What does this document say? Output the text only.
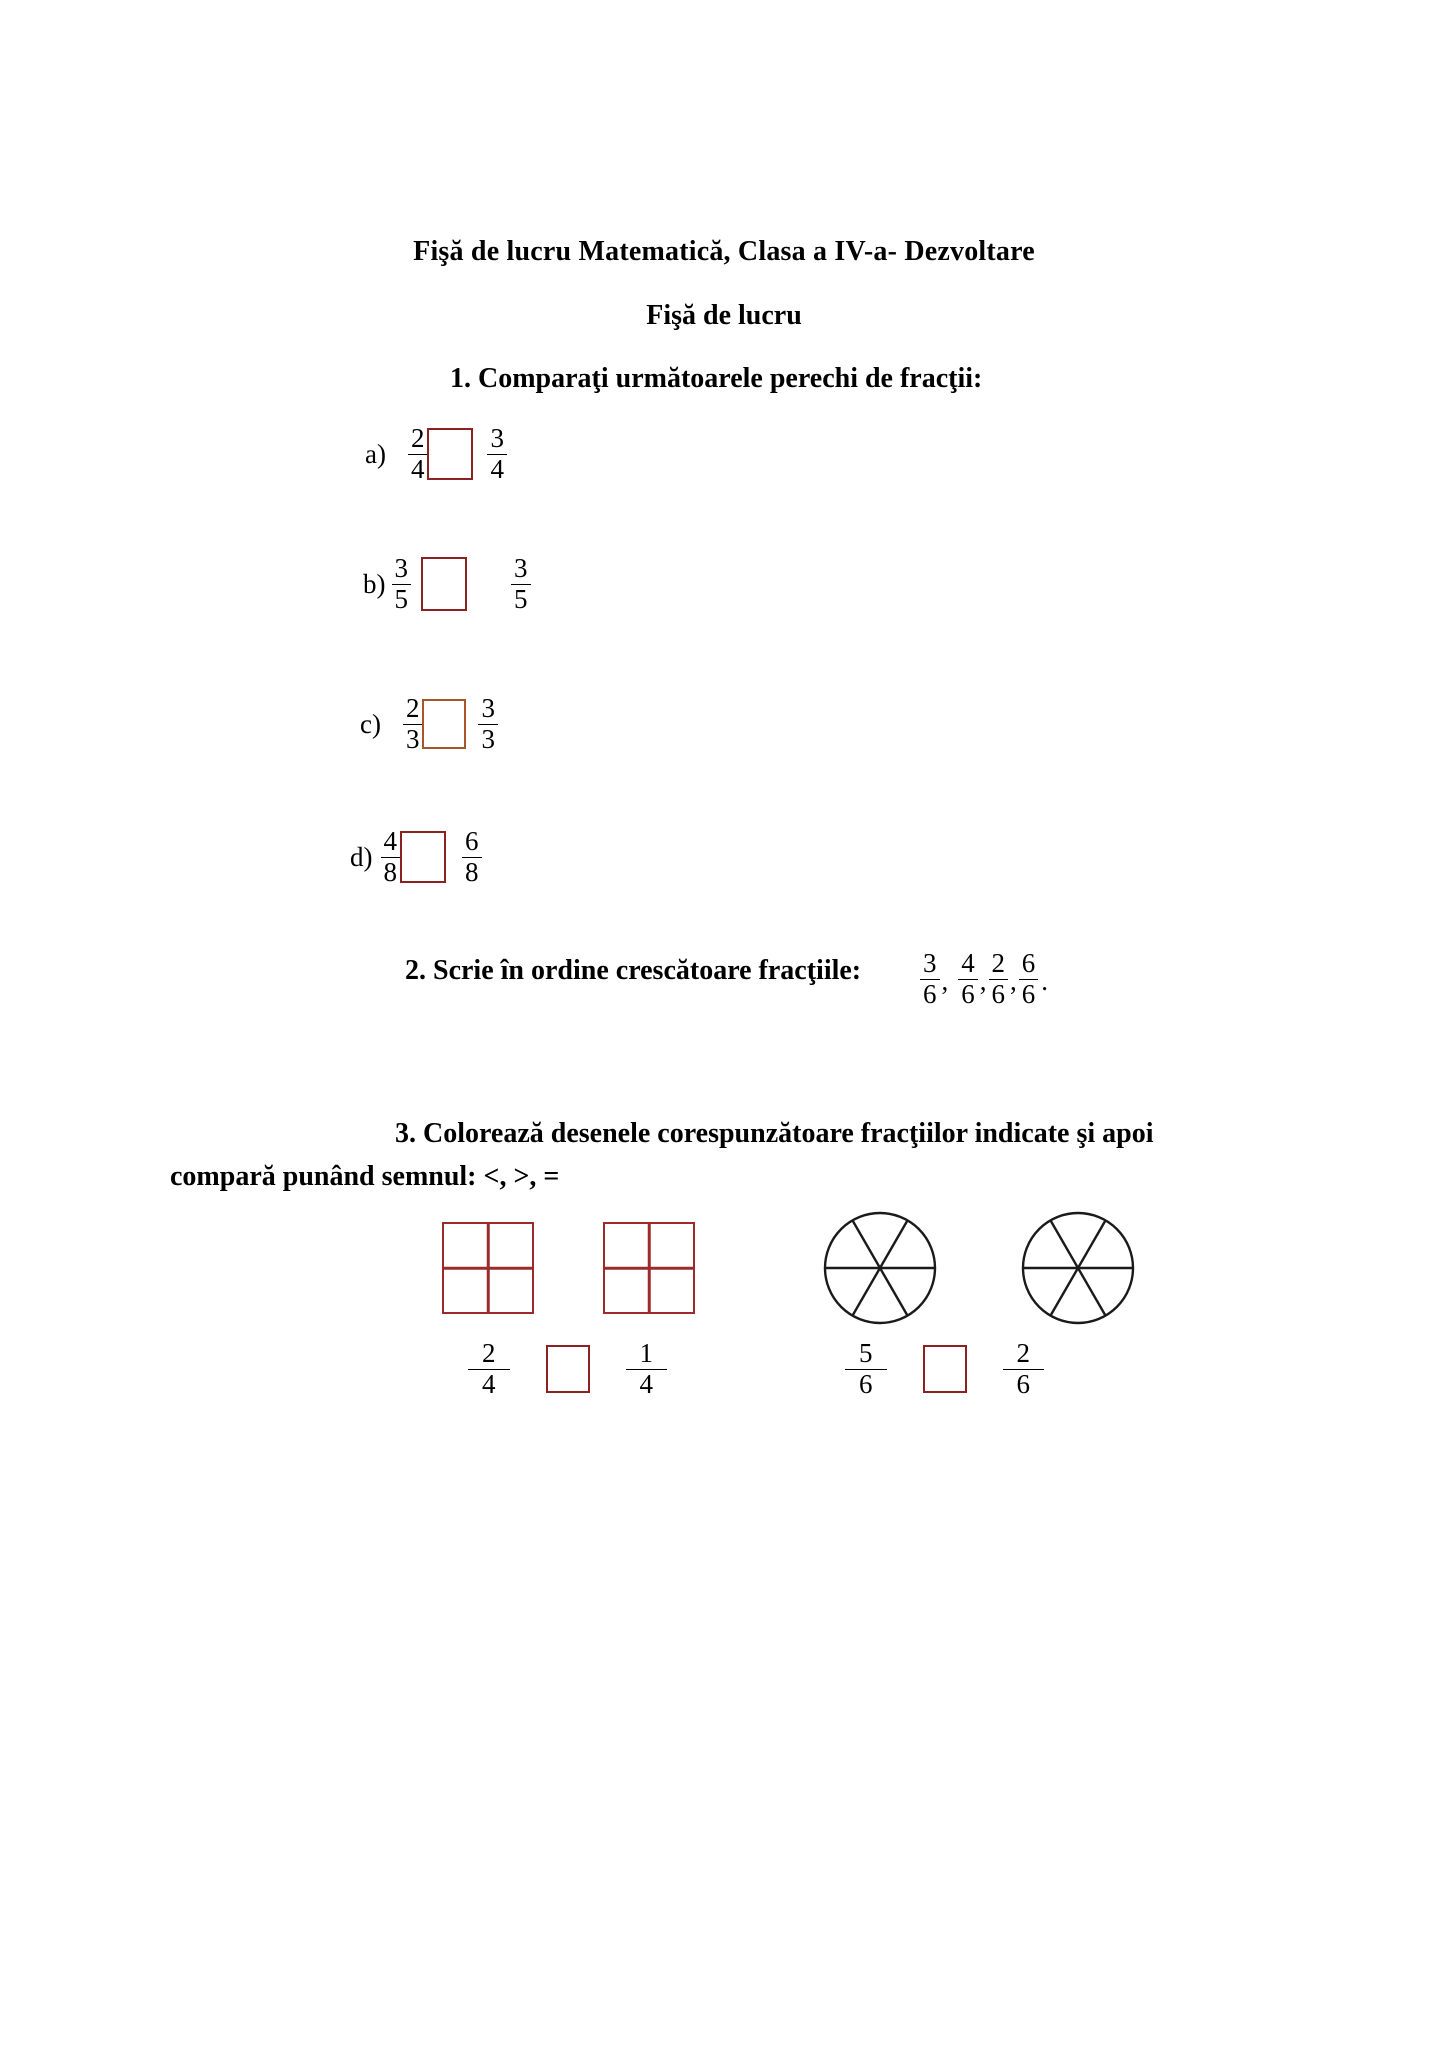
Fişă de lucru Matematică, Clasa a IV-a- Dezvoltare
Fişă de lucru
1. Comparaţi următoarele perechi de fracţii:
$a) \frac{2}{4} \frac{3}{4}$
$b) \frac{3}{5}$	$\frac{3}{5}$
$c) \frac{2}{3} \frac{3}{3}$
$d) \frac{4}{8} \frac{6}{8}$
2. Scrie în ordine crescătoare fracţiile: $\frac{3}{6}$ , $\frac{4}{6}$ , $\frac{2}{6}$ , $\frac{6}{6}$ .
3. Colorează desenele corespunzătoare fracţiilor indicate şi apoi
compară punând semnul: <, >, =
$\frac{2}{4}$	$\frac{1}{4}$	$\frac{5}{6}$	$\frac{2}{6}$
